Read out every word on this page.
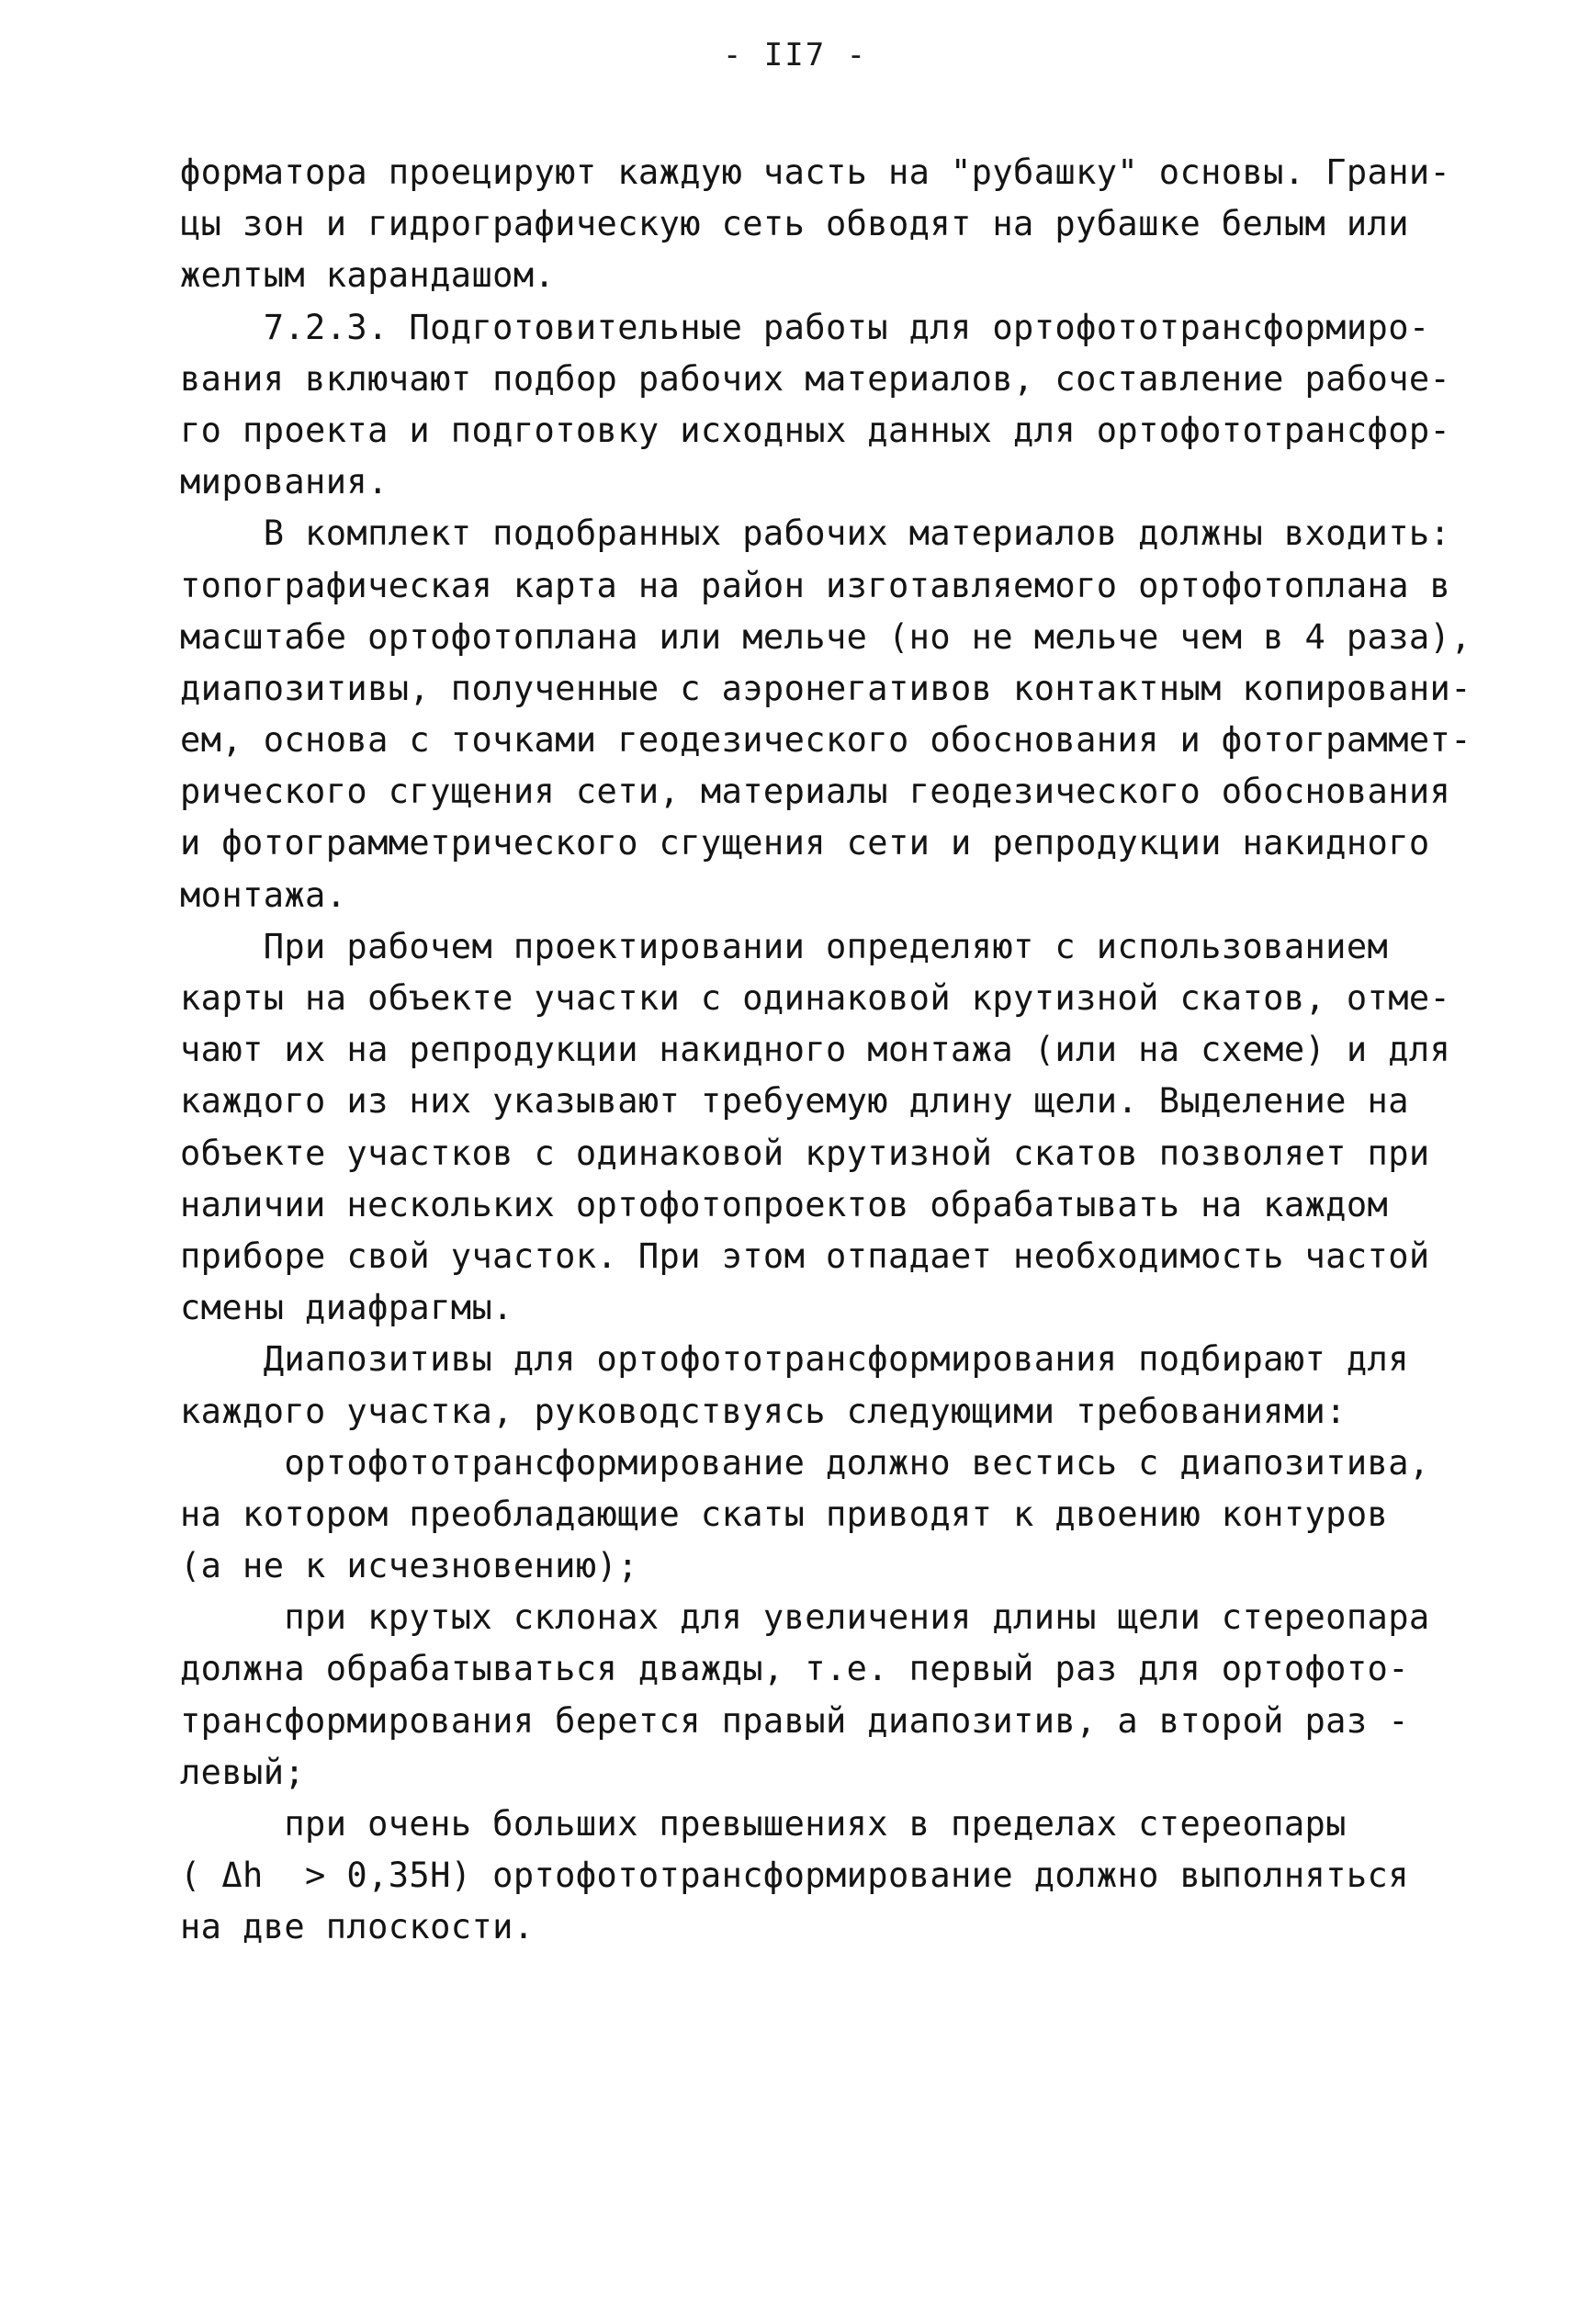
- II7 -
форматора проецируют каждую часть на "рубашку" основы. Грани-
цы зон и гидрографическую сеть обводят на рубашке белым или
желтым карандашом.
7.2.3. Подготовительные работы для ортофототрансформиро-
вания включают подбор рабочих материалов, составление рабоче-
го проекта и подготовку исходных данных для ортофототрансфор-
мирования.
В комплект подобранных рабочих материалов должны входить:
топографическая карта на район изготавляемого ортофотоплана в
масштабе ортофотоплана или мельче (но не мельче чем в 4 раза),
диапозитивы, полученные с аэронегативов контактным копировани-
ем, основа с точками геодезического обоснования и фотограммет-
рического сгущения сети, материалы геодезического обоснования
и фотограмметрического сгущения сети и репродукции накидного
монтажа.
При рабочем проектировании определяют с использованием
карты на объекте участки с одинаковой крутизной скатов, отме-
чают их на репродукции накидного монтажа (или на схеме) и для
каждого из них указывают требуемую длину щели. Выделение на
объекте участков с одинаковой крутизной скатов позволяет при
наличии нескольких ортофотопроектов обрабатывать на каждом
приборе свой участок. При этом отпадает необходимость частой
смены диафрагмы.
Диапозитивы для ортофототрансформирования подбирают для
каждого участка, руководствуясь следующими требованиями:
ортофототрансформирование должно вестись с диапозитива,
на котором преобладающие скаты приводят к двоению контуров
(а не к исчезновению);
при крутых склонах для увеличения длины щели стереопара
должна обрабатываться дважды, т.е. первый раз для ортофото-
трансформирования берется правый диапозитив, а второй раз -
левый;
при очень больших превышениях в пределах стереопары
( Δh  > 0,35H) ортофототрансформирование должно выполняться
на две плоскости.
